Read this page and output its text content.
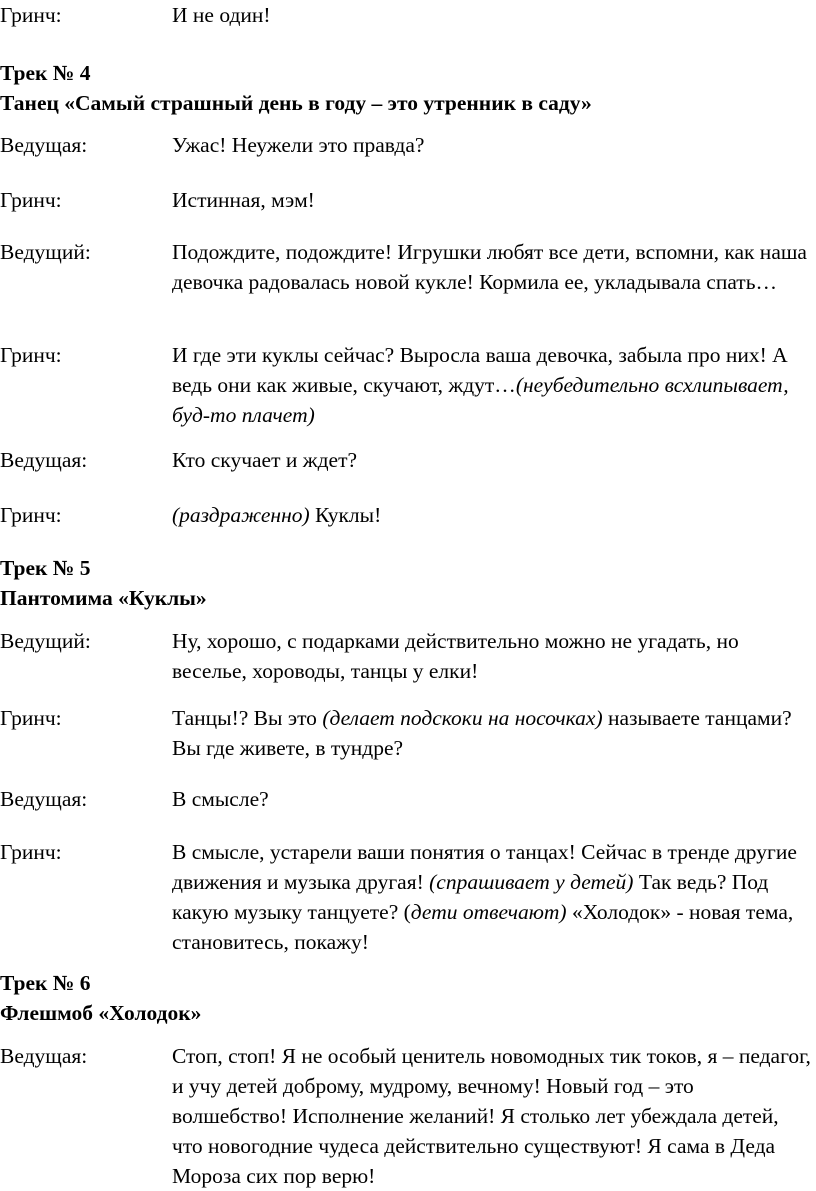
Гринч:	И не один!
Трек № 4
Танец «Самый страшный день в году – это утренник в саду»
Ведущая:	Ужас! Неужели это правда?
Гринч:	Истинная, мэм!
Ведущий:	Подождите, подождите! Игрушки любят все дети, вспомни, как наша девочка радовалась новой кукле! Кормила ее, укладывала спать…
Гринч:	И где эти куклы сейчас? Выросла ваша девочка, забыла про них! А ведь они как живые, скучают, ждут…(неубедительно всхлипывает, буд-то плачет)
Ведущая:	Кто скучает и ждет?
Гринч:	(раздраженно) Куклы!
Трек № 5
Пантомима «Куклы»
Ведущий:	Ну, хорошо, с подарками действительно можно не угадать, но веселье, хороводы, танцы у елки!
Гринч:	Танцы!? Вы это (делает подскоки на носочках) называете танцами? Вы где живете, в тундре?
Ведущая:	В смысле?
Гринч:	В смысле, устарели ваши понятия о танцах! Сейчас в тренде другие движения и музыка другая! (спрашивает у детей) Так ведь? Под какую музыку танцуете? (дети отвечают) «Холодок» - новая тема, становитесь, покажу!
Трек № 6
Флешмоб «Холодок»
Ведущая:	Стоп, стоп! Я не особый ценитель новомодных тик токов, я – педагог, и учу детей доброму, мудрому, вечному! Новый год – это волшебство! Исполнение желаний! Я столько лет убеждала детей, что новогодние чудеса действительно существуют! Я сама в Деда Мороза сих пор верю!
